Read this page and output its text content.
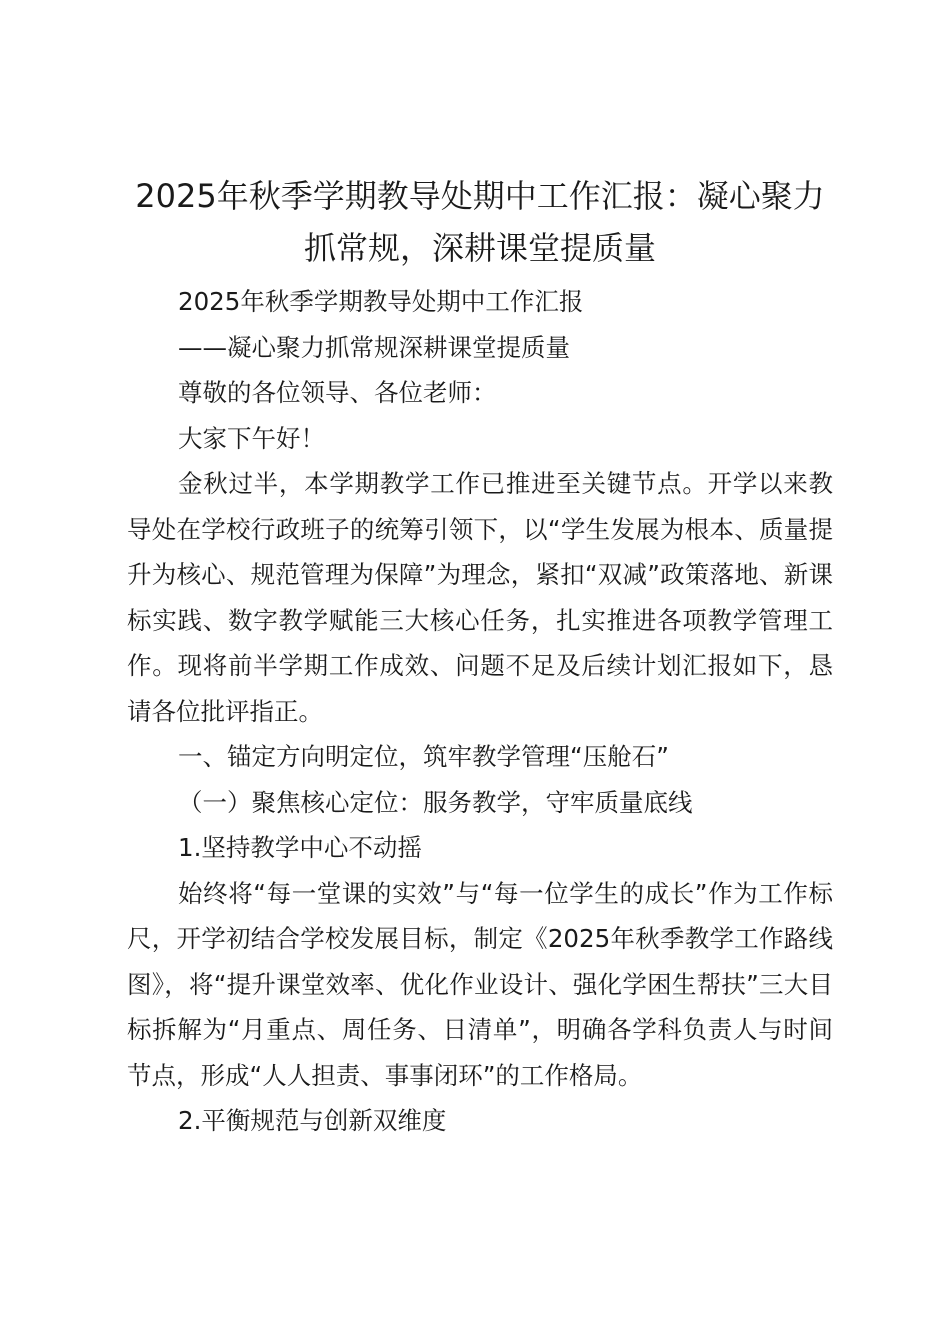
2025年秋季学期教导处期中工作汇报：凝心聚力抓常规，深耕课堂提质量

2025年秋季学期教导处期中工作汇报

——凝心聚力抓常规深耕课堂提质量

尊敬的各位领导、各位老师：

大家下午好！

金秋过半，本学期教学工作已推进至关键节点。开学以来教导处在学校行政班子的统筹引领下，以“学生发展为根本、质量提升为核心、规范管理为保障”为理念，紧扣“双减”政策落地、新课标实践、数字教学赋能三大核心任务，扎实推进各项教学管理工作。现将前半学期工作成效、问题不足及后续计划汇报如下，恳请各位批评指正。

一、锚定方向明定位，筑牢教学管理“压舱石”

（一）聚焦核心定位：服务教学，守牢质量底线

1.坚持教学中心不动摇

始终将“每一堂课的实效”与“每一位学生的成长”作为工作标尺，开学初结合学校发展目标，制定《2025年秋季教学工作路线图》，将“提升课堂效率、优化作业设计、强化学困生帮扶”三大目标拆解为“月重点、周任务、日清单”，明确各学科负责人与时间节点，形成“人人担责、事事闭环”的工作格局。

2.平衡规范与创新双维度
